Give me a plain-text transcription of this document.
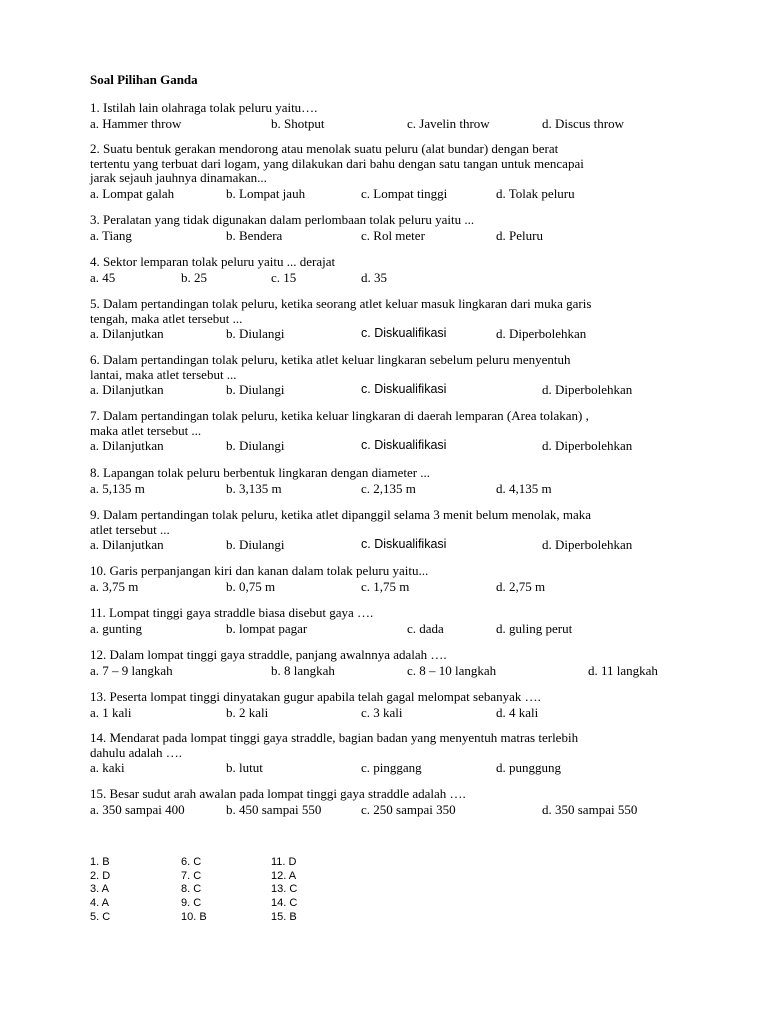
Soal Pilihan Ganda
1. Istilah lain olahraga tolak peluru yaitu….
a. Hammer throw	b. Shotput	c. Javelin throw	d. Discus throw
2. Suatu bentuk gerakan mendorong atau menolak suatu peluru (alat bundar) dengan berat
tertentu yang terbuat dari logam, yang dilakukan dari bahu dengan satu tangan untuk mencapai
jarak sejauh jauhnya dinamakan...
a. Lompat galah	b. Lompat jauh	c. Lompat tinggi	d. Tolak peluru
3. Peralatan yang tidak digunakan dalam perlombaan tolak peluru yaitu ...
a. Tiang	b. Bendera	c. Rol meter	d. Peluru
4. Sektor lemparan tolak peluru yaitu ... derajat
a. 45	b. 25	c. 15	d. 35
5. Dalam pertandingan tolak peluru, ketika seorang atlet keluar masuk lingkaran dari muka garis
tengah, maka atlet tersebut ...
a. Dilanjutkan	b. Diulangi	c. Diskualifikasi	d. Diperbolehkan
6. Dalam pertandingan tolak peluru, ketika atlet keluar lingkaran sebelum peluru menyentuh
lantai, maka atlet tersebut ...
a. Dilanjutkan	b. Diulangi	c. Diskualifikasi	d. Diperbolehkan
7. Dalam pertandingan tolak peluru, ketika keluar lingkaran di daerah lemparan (Area tolakan) ,
maka atlet tersebut ...
a. Dilanjutkan	b. Diulangi	c. Diskualifikasi	d. Diperbolehkan
8. Lapangan tolak peluru berbentuk lingkaran dengan diameter ...
a. 5,135 m	b. 3,135 m	c. 2,135 m	d. 4,135 m
9. Dalam pertandingan tolak peluru, ketika atlet dipanggil selama 3 menit belum menolak, maka
atlet tersebut ...
a. Dilanjutkan	b. Diulangi	c. Diskualifikasi	d. Diperbolehkan
10. Garis perpanjangan kiri dan kanan dalam tolak peluru yaitu...
a. 3,75 m	b. 0,75 m	c. 1,75 m	d. 2,75 m
11. Lompat tinggi gaya straddle biasa disebut gaya ….
a. gunting	b. lompat pagar	c. dada	d. guling perut
12. Dalam lompat tinggi gaya straddle, panjang awalnnya adalah ….
a. 7 – 9 langkah	b. 8 langkah	c. 8 – 10 langkah	d. 11 langkah
13. Peserta lompat tinggi dinyatakan gugur apabila telah gagal melompat sebanyak ….
a. 1 kali	b. 2 kali	c. 3 kali	d. 4 kali
14. Mendarat pada lompat tinggi gaya straddle, bagian badan yang menyentuh matras terlebih
dahulu adalah ….
a. kaki	b. lutut	c. pinggang	d. punggung
15. Besar sudut arah awalan pada lompat tinggi gaya straddle adalah ….
a. 350 sampai 400	b. 450 sampai 550	c. 250 sampai 350	d. 350 sampai 550
1. B
2. D
3. A
4. A
5. C
6. C
7. C
8. C
9. C
10. B
11. D
12. A
13. C
14. C
15. B
